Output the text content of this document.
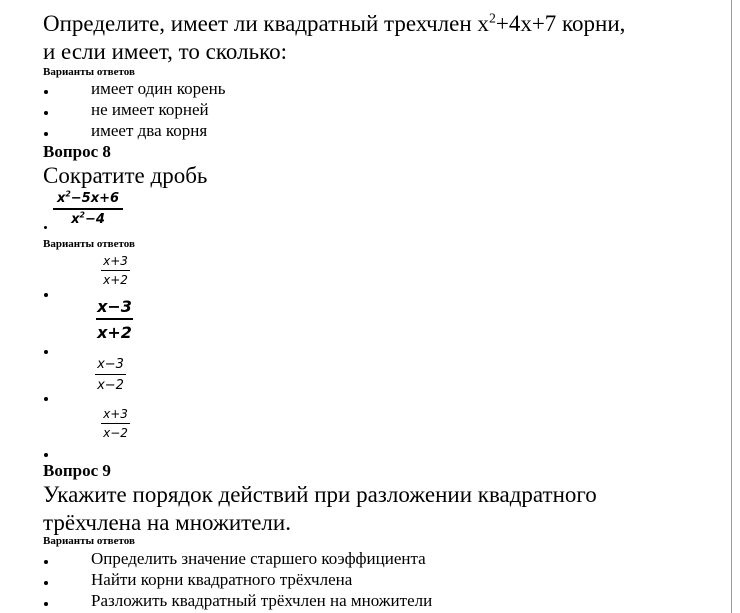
Определите, имеет ли квадратный трехчлен $x^2+4x+7$ корни,
и если имеет, то сколько:
Варианты ответов
имеет один корень
не имеет корней
имеет два корня
Вопрос 8
Сократите дробь
$x^2-5x+6$
$x^2-4$
Варианты ответов
x+3
x+2
x−3
x+2
x−3
x−2
x+3
x−2
Вопрос 9
Укажите порядок действий при разложении квадратного
трёхчлена на множители.
Варианты ответов
Определить значение старшего коэффициента
Найти корни квадратного трёхчлена
Разложить квадратный трёхчлен на множители
